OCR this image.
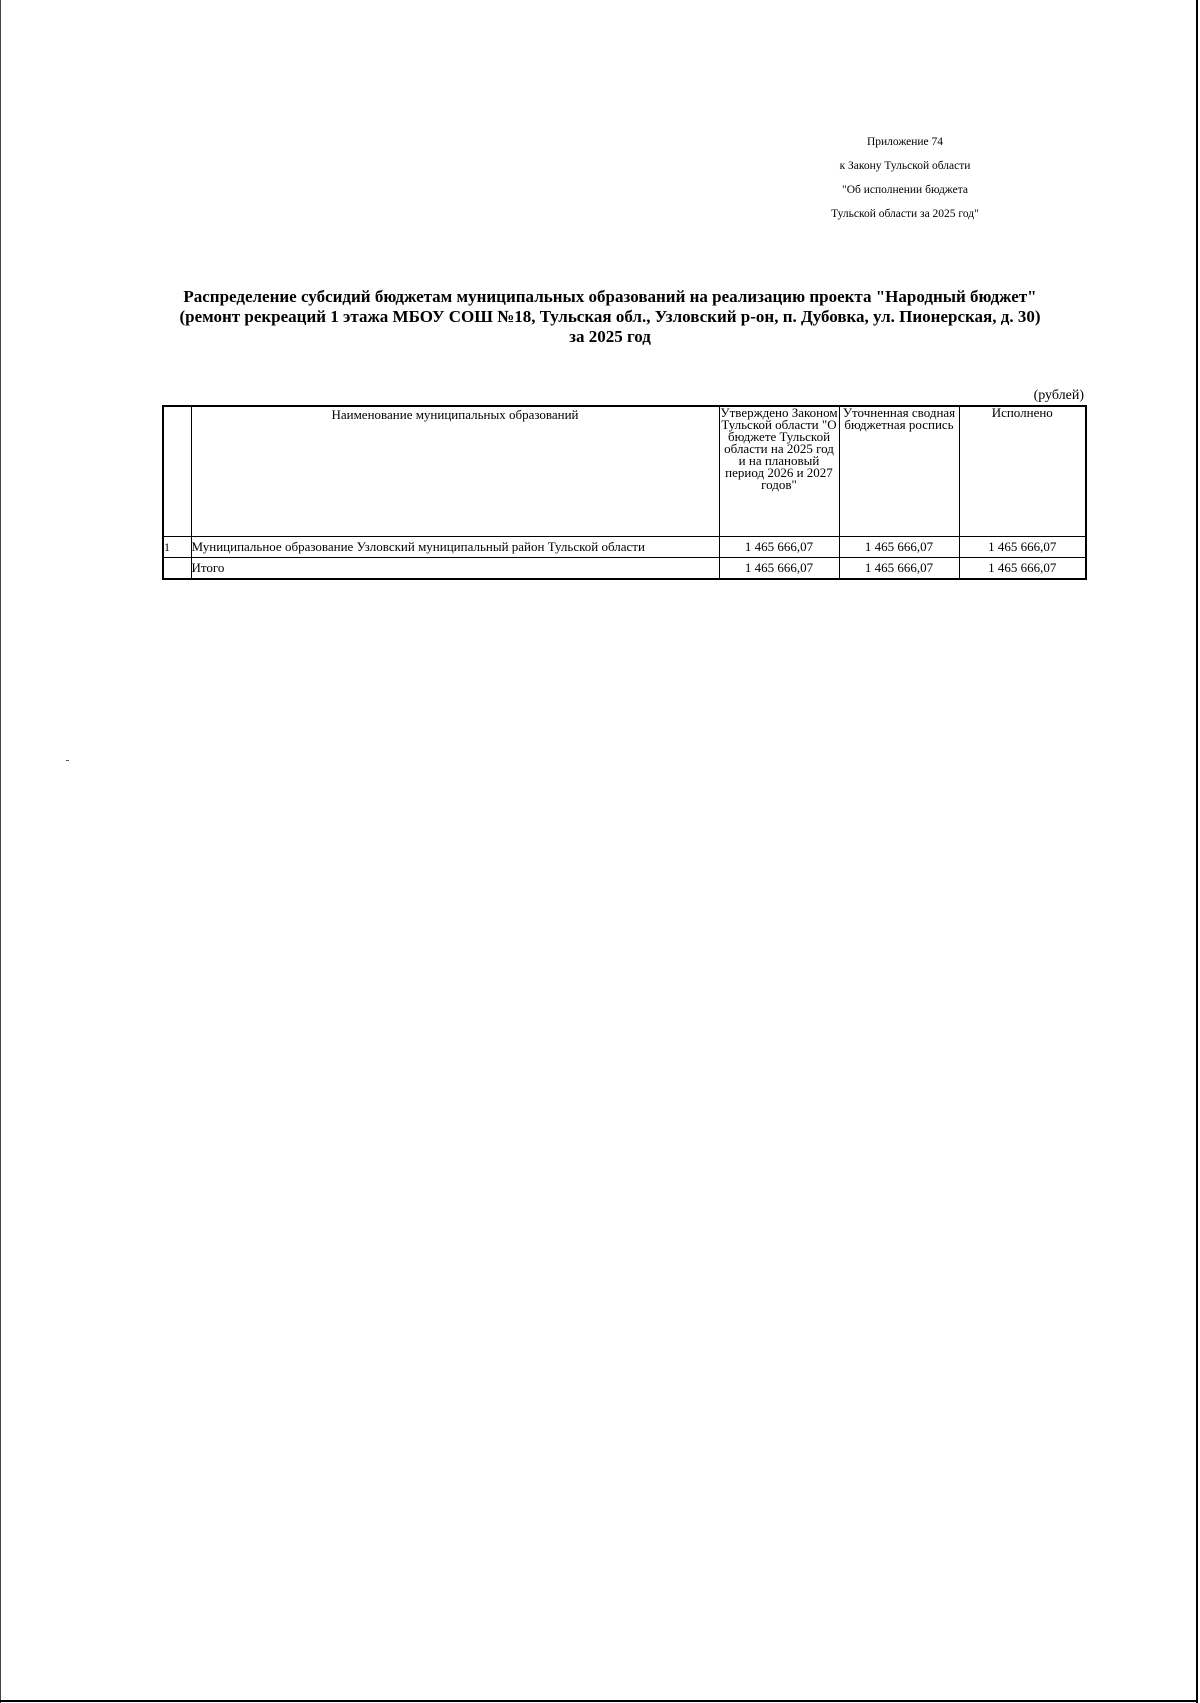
Приложение 74
к Закону Тульской области
"Об исполнении бюджета
Тульской области за 2025 год"
Распределение субсидий бюджетам муниципальных образований на реализацию проекта "Народный бюджет"
(ремонт рекреаций 1 этажа МБОУ СОШ №18, Тульская обл., Узловский р-он, п. Дубовка, ул. Пионерская, д. 30)
за 2025 год
(рублей)
	Наименование муниципальных образований	Утверждено Законом Тульской области "О бюджете Тульской области на 2025 год и на плановый период 2026 и 2027 годов"	Уточненная сводная бюджетная роспись	Исполнено
1	Муниципальное образование Узловский муниципальный район Тульской области	1 465 666,07	1 465 666,07	1 465 666,07
	Итого	1 465 666,07	1 465 666,07	1 465 666,07
